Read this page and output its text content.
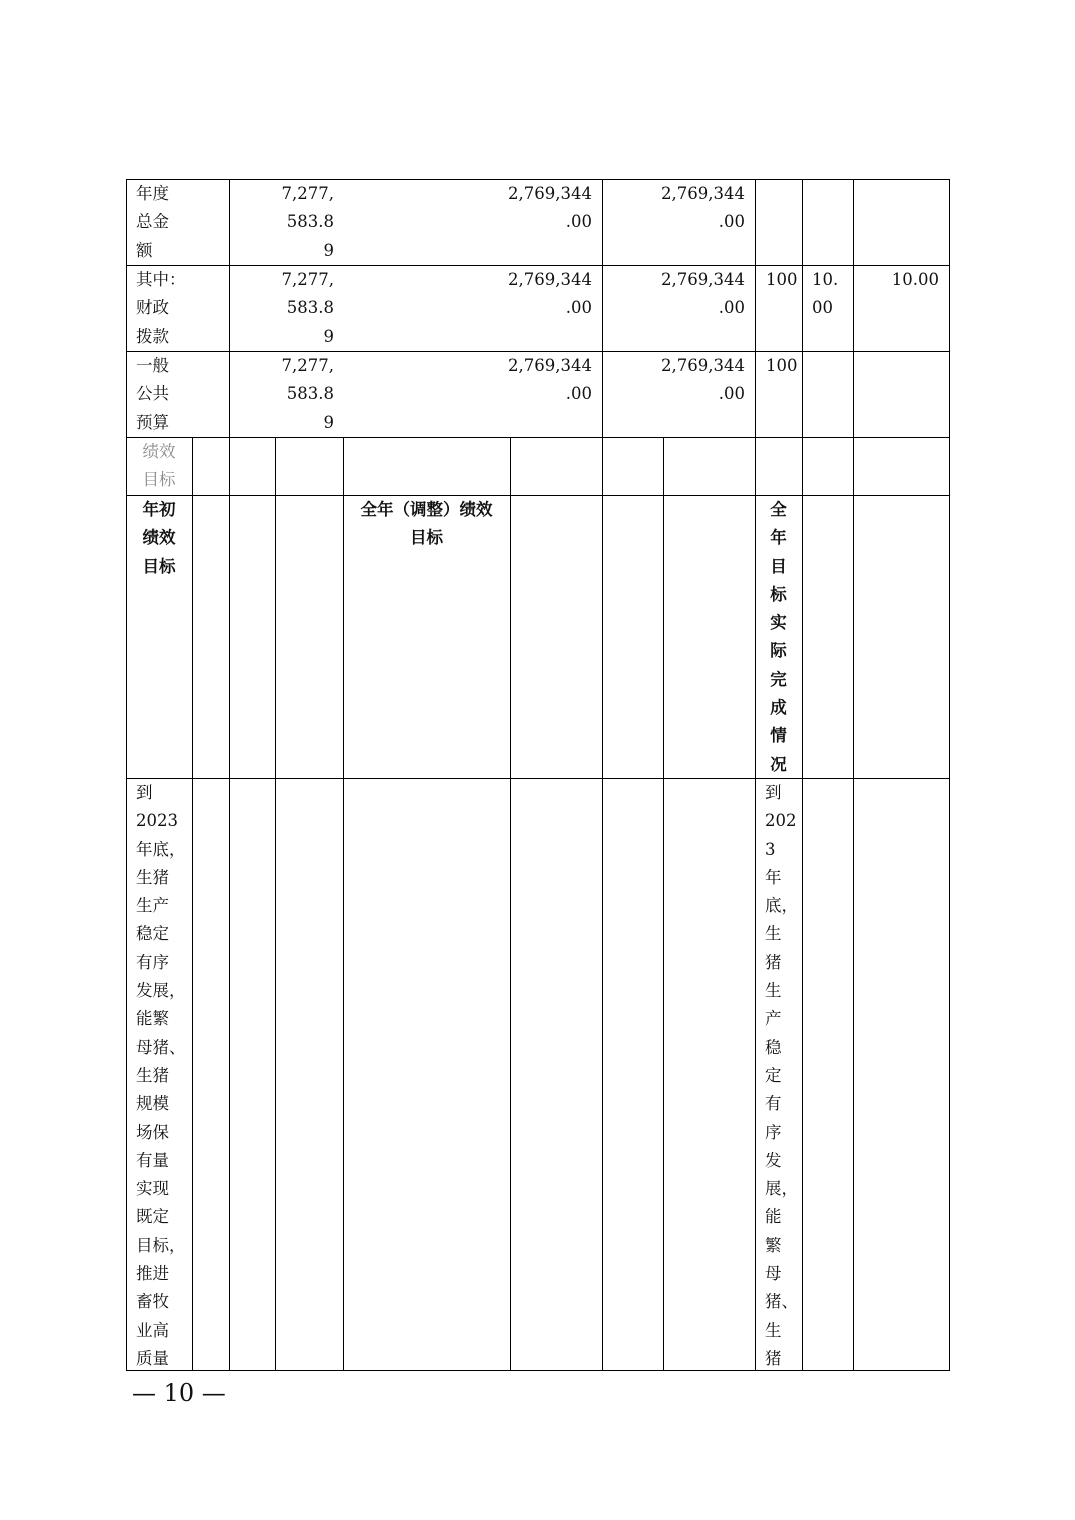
年度
总金
额
7,277,
583.8
9
2,769,344
.00
2,769,344
.00
其中：
财政
拨款
7,277,
583.8
9
2,769,344
.00
2,769,344
.00
100 10.
00
10.00
一般
公共
预算
7,277,
583.8
9
2,769,344
.00
2,769,344
.00
100
绩效
目标
年初
绩效
目标
全年（调整）绩效
目标
全
年
目
标
实
际
完
成
情
况
到
2023
年底，
生猪
生产
稳定
有序
发展，
能繁
母猪、
生猪
规模
场保
有量
实现
既定
目标，
推进
畜牧
业高
质量
到
202
3
年
底，
生
猪
生
产
稳
定
有
序
发
展，
能
繁
母
猪、
生
猪
— 10 —
